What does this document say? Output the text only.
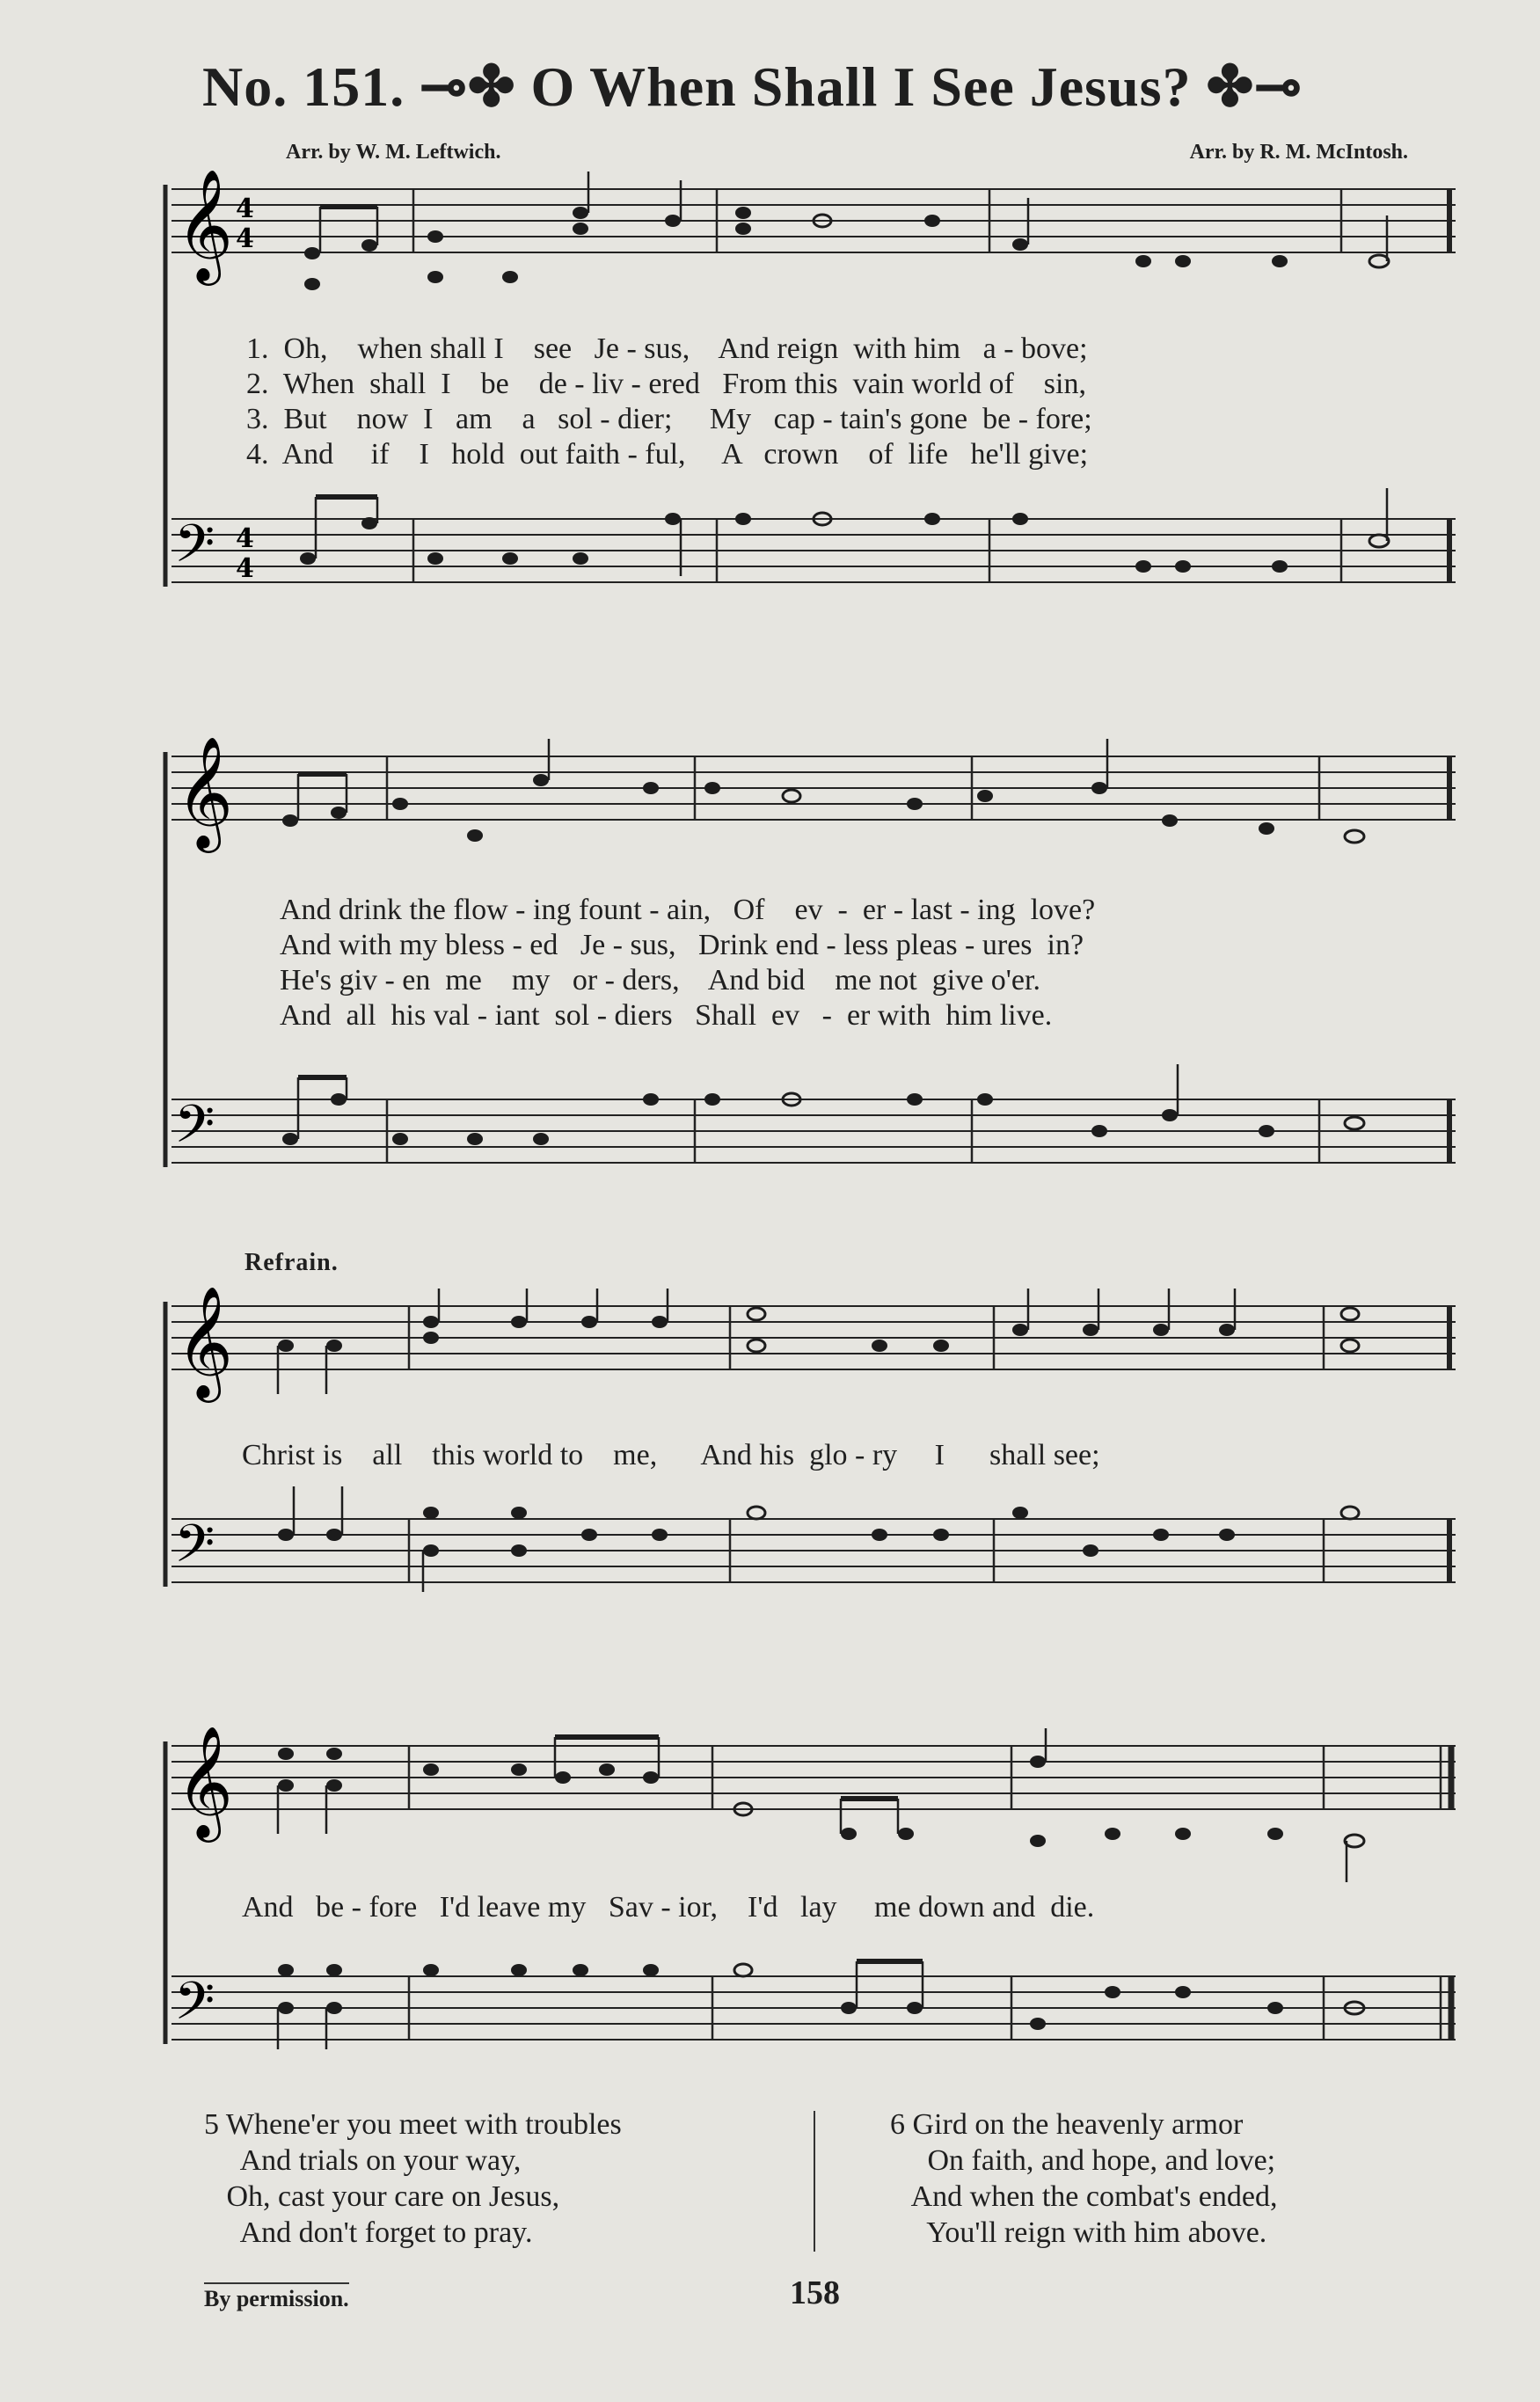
No. 151. ⊸✤ O When Shall I See Jesus? ✤⊸
Arr. by W. M. Leftwich.	Arr. by R. M. McIntosh.
𝄞
𝄢
4
4
4
4
1.  Oh,    when shall I    see   Je - sus,    And reign  with him   a - bove;
2.  When  shall  I    be    de - liv - ered   From this  vain world of    sin,
3.  But    now  I   am    a   sol - dier;     My   cap - tain's gone  be - fore;
4.  And     if    I   hold  out faith - ful,     A   crown    of  life   he'll give;
𝄞
𝄢
And drink the flow - ing fount - ain,   Of    ev  -  er - last - ing  love?
And with my bless - ed   Je - sus,   Drink end - less pleas - ures  in?
He's giv - en  me    my   or - ders,    And bid    me not  give o'er.
And  all  his val - iant  sol - diers   Shall  ev   -  er with  him live.
Refrain.
𝄞
𝄢
Christ is    all    this world to    me,      And his  glo - ry     I      shall see;
𝄞
𝄢
And   be - fore   I'd leave my   Sav - ior,    I'd   lay     me down and  die.
5 Whene'er you meet with troubles
And trials on your way,
Oh, cast your care on Jesus,
And don't forget to pray.
6 Gird on the heavenly armor
On faith, and hope, and love;
And when the combat's ended,
You'll reign with him above.
By permission.	158
